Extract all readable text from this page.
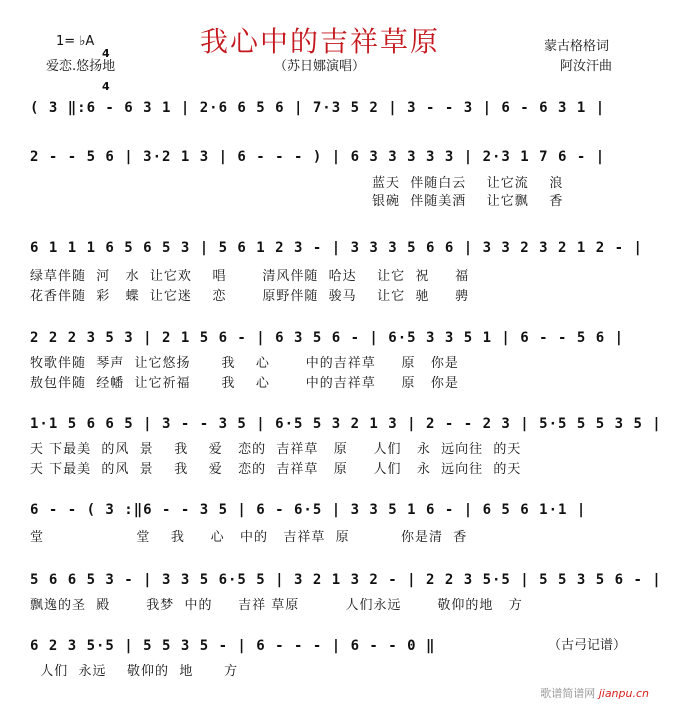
我心中的吉祥草原
1= ♭A

4

4

爱恋.悠扬地	（苏日娜演唱）
蒙古格格词
阿汝汗曲
( 3 ‖:6 - 6 3 1 | 2·6 6 5 6 | 7·3 5 2 | 3 - - 3 | 6 - 6 3 1 |
2 - - 5 6 | 3·2 1 3 | 6 - - - ) | 6 3 3 3 3 3 | 2·3 1 7 6 - |
蓝天  伴随白云    让它流    浪
银碗  伴随美酒    让它飘    香
6 1 1 1 6 5 6 5 3 | 5 6 1 2 3 - | 3 3 3 5 6 6 | 3 3 2 3 2 1 2 - |
绿草伴随  河   水  让它欢    唱       清风伴随  哈达    让它  祝     福
花香伴随  彩   蝶  让它迷    恋       原野伴随  骏马    让它  驰     骋
2 2 2 3 5 3 | 2 1 5 6 - | 6 3 5 6 - | 6·5 3 3 5 1 | 6 - - 5 6 |
牧歌伴随  琴声  让它悠扬      我    心       中的吉祥草     原   你是
敖包伴随  经幡  让它祈福      我    心       中的吉祥草     原   你是
1·1 5 6 6 5 | 3 - - 3 5 | 6·5 5 3 2 1 3 | 2 - - 2 3 | 5·5 5 5 3 5 |
天 下最美  的风  景    我    爱   恋的  吉祥草   原     人们   永  远向往  的天
天 下最美  的风  景    我    爱   恋的  吉祥草   原     人们   永  远向往  的天
6 - - ( 3 :‖6 - - 3 5 | 6 - 6·5 | 3 3 5 1 6 - | 6 5 6 1·1 |
堂                  堂    我     心   中的   吉祥草  原          你是清  香
5 6 6 5 3 - | 3 3 5 6·5 5 | 3 2 1 3 2 - | 2 2 3 5·5 | 5 5 3 5 6 - |
飘逸的圣  殿       我梦  中的     吉祥 草原         人们永远       敬仰的地   方
6 2 3 5·5 | 5 5 3 5 - | 6 - - - | 6 - - 0 ‖
人们  永远    敬仰的  地      方
（古弓记谱）
歌谱简谱网 jianpu.cn
